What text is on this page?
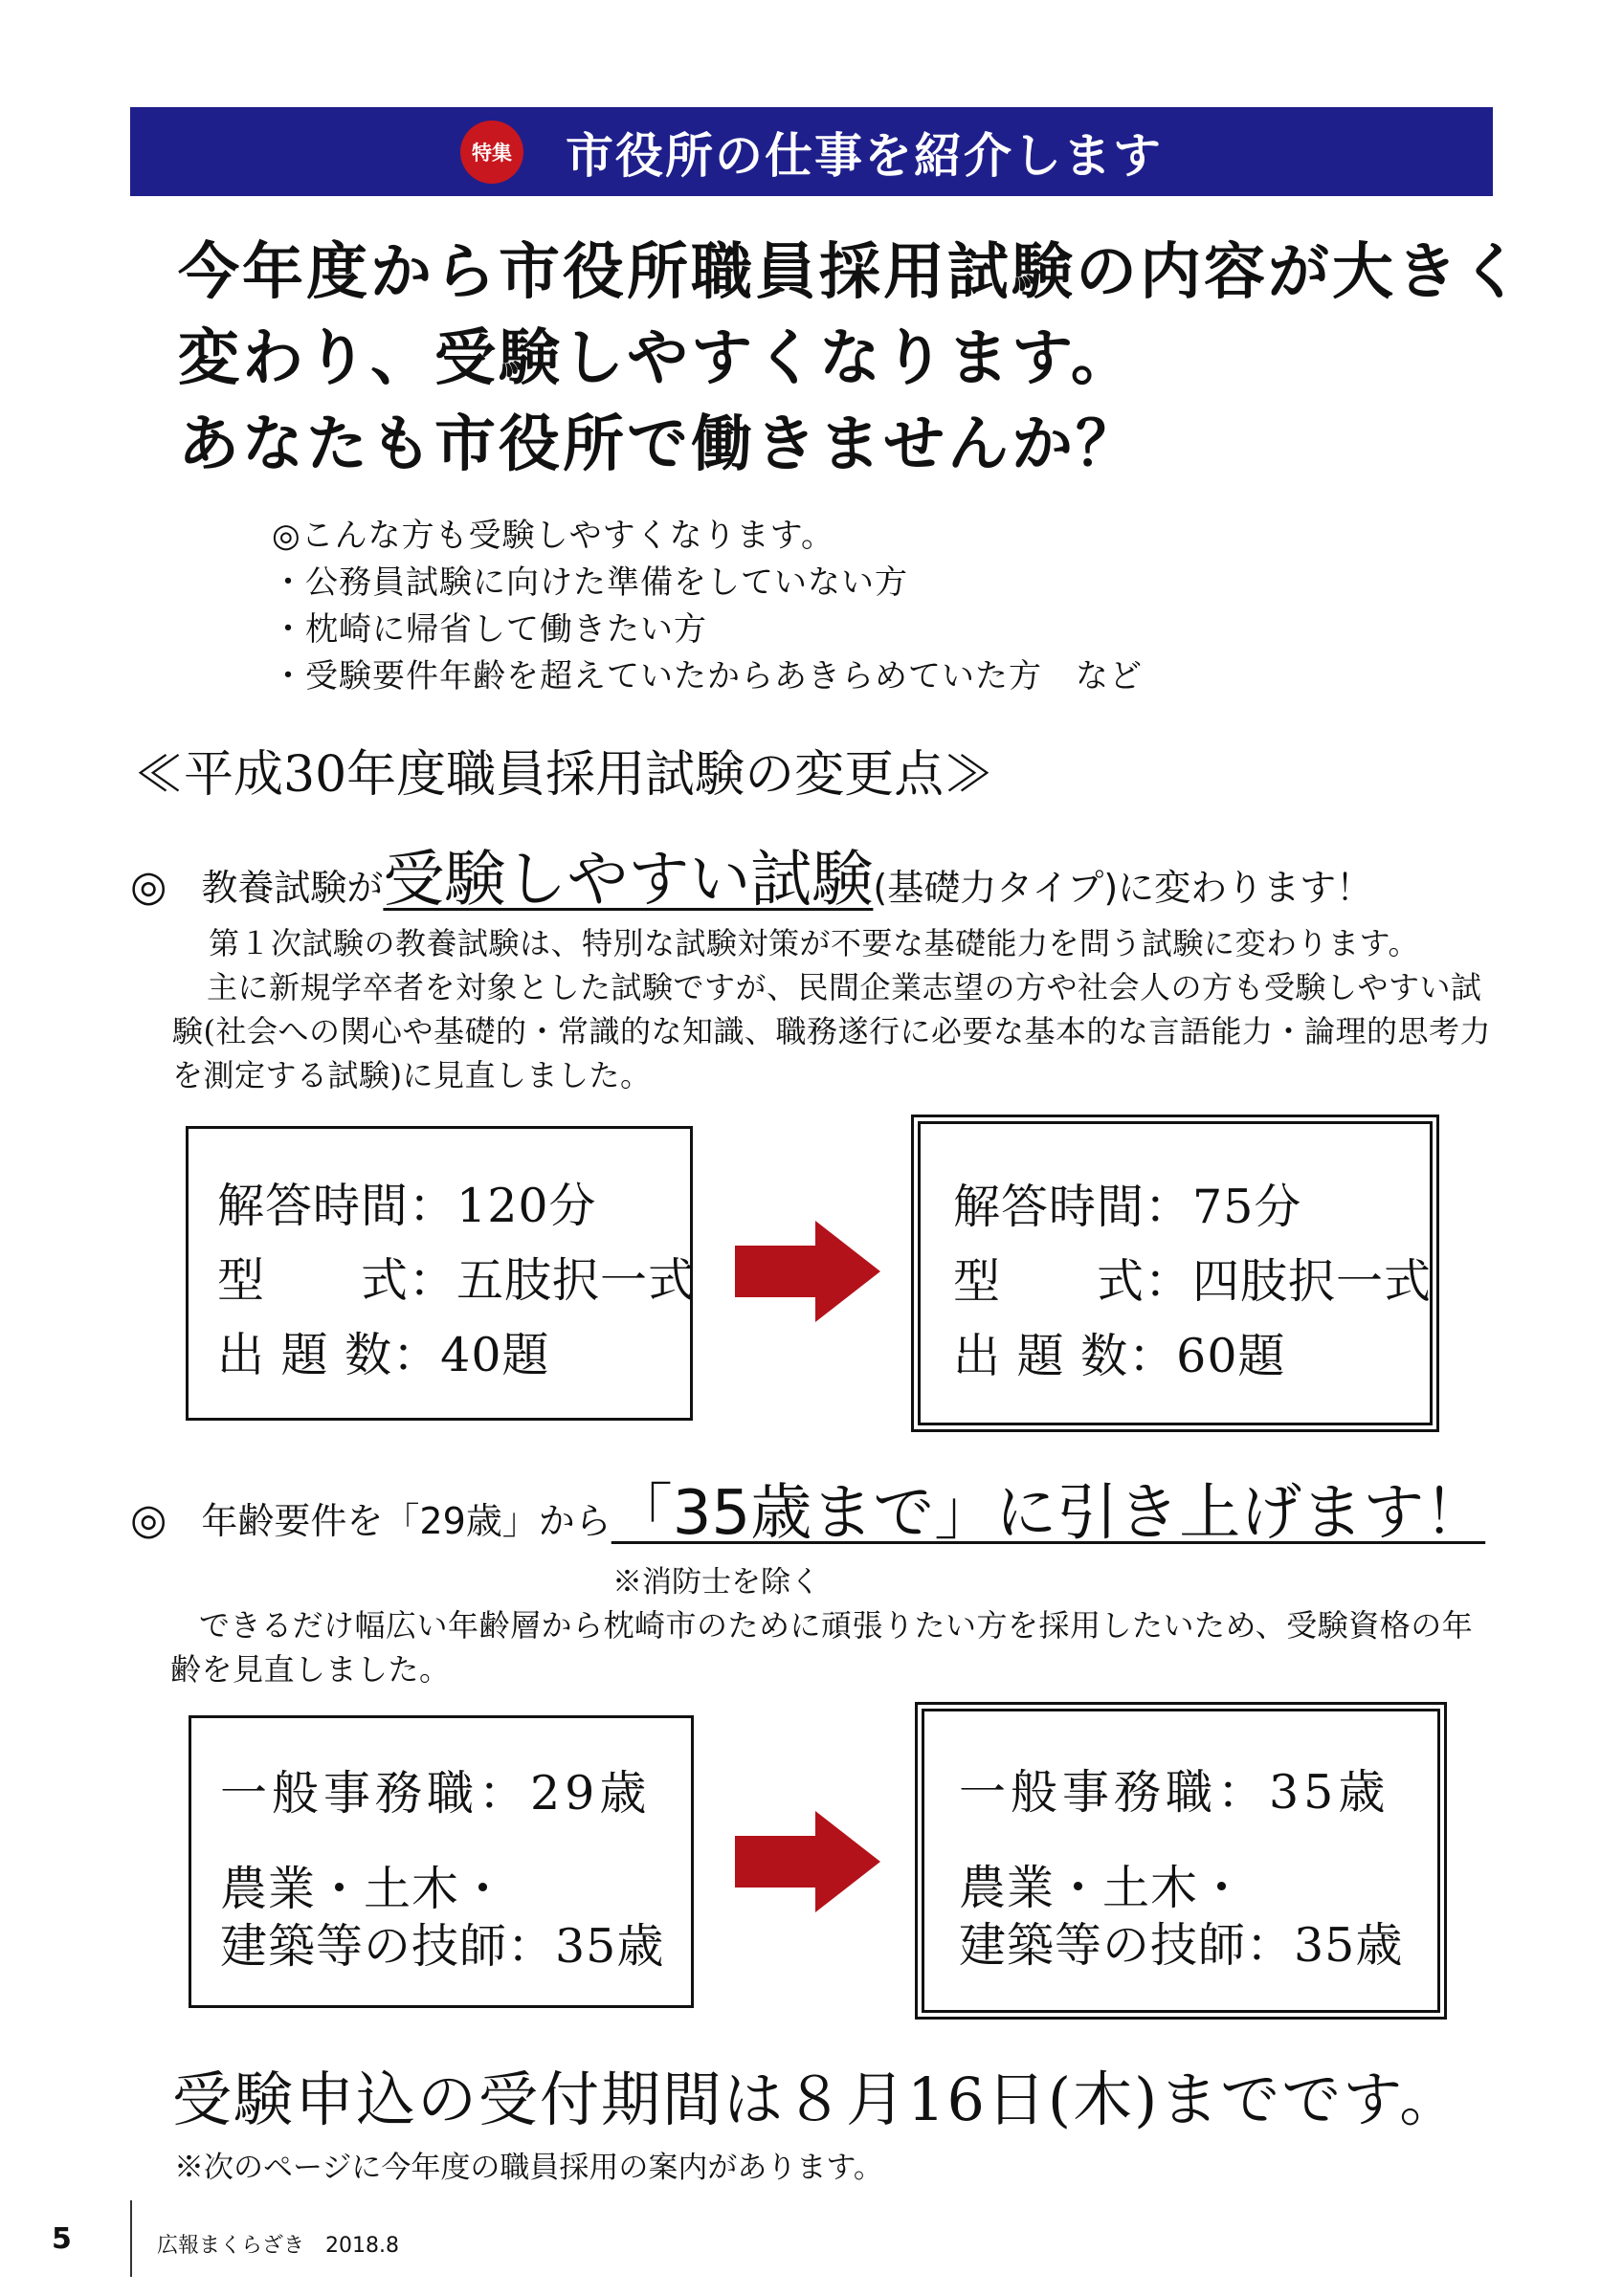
特集 市役所の仕事を紹介します
今年度から市役所職員採用試験の内容が大きく
変わり、受験しやすくなります。
あなたも市役所で働きませんか？
◎こんな方も受験しやすくなります。
・公務員試験に向けた準備をしていない方
・枕崎に帰省して働きたい方
・受験要件年齢を超えていたからあきらめていた方　など
≪平成30年度職員採用試験の変更点≫
◎ 教養試験が 受験しやすい試験 (基礎力タイプ)に変わります！

第１次試験の教養試験は、特別な試験対策が不要な基礎能力を問う試験に変わります。

主に新規学卒者を対象とした試験ですが、民間企業志望の方や社会人の方も受験しやすい試験(社会への関心や基礎的・常識的な知識、職務遂行に必要な基本的な言語能力・論理的思考力を測定する試験)に見直しました。

解答時間 ：120分
型　　式 ：五肢択一式
出 題 数 ：40題
解答時間 ：75分
型　　式 ：四肢択一式
出 題 数 ：60題
◎ 年齢要件を「29歳」から 「35歳まで」に引き上げます！
※消防士を除く

できるだけ幅広い年齢層から枕崎市のために頑張りたい方を採用したいため、受験資格の年齢を見直しました。

一般事務職：29歳
農業・土木・
建築等の技師：35歳
一般事務職：35歳
農業・土木・
建築等の技師：35歳
受験申込の受付期間は８月16日(木)までです。
※次のページに今年度の職員採用の案内があります。
5	広報まくらざき　2018.8
